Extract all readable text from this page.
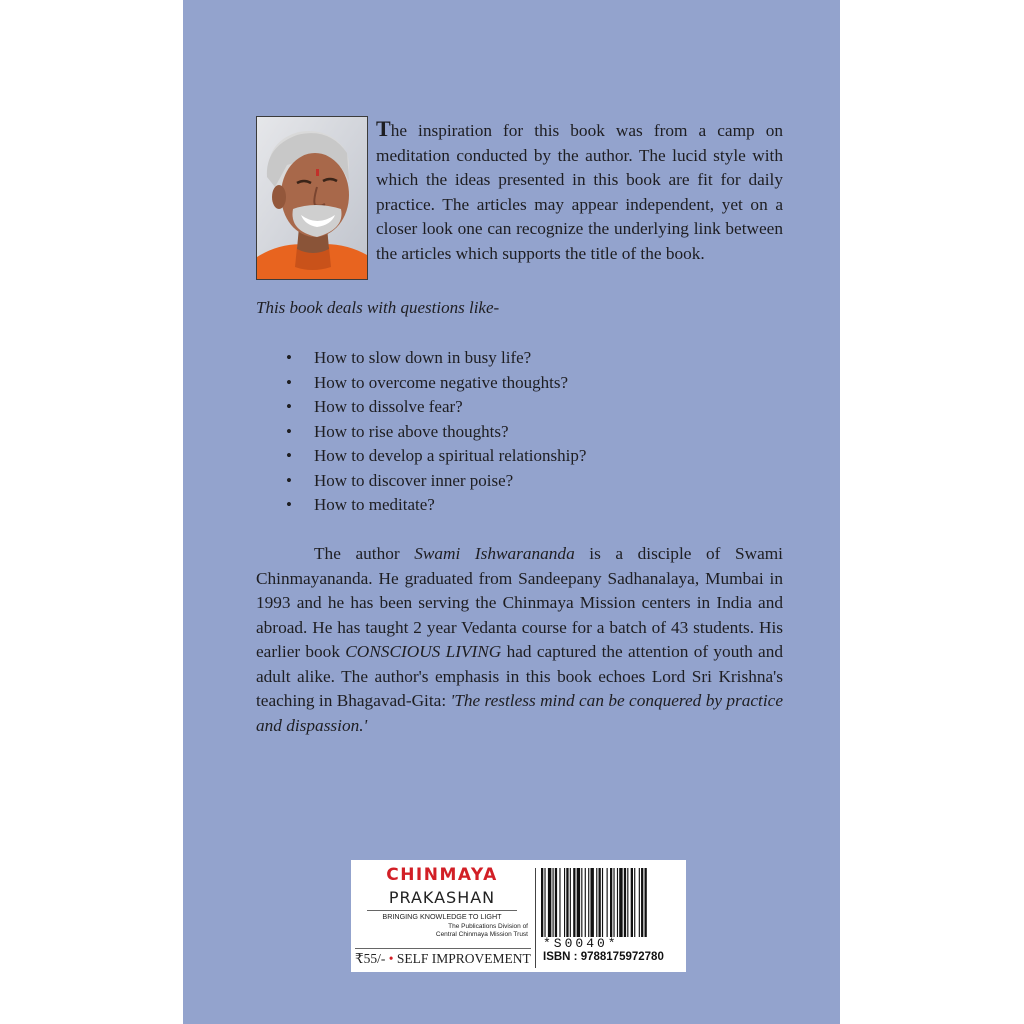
The inspiration for this book was from a camp on meditation conducted by the author. The lucid style with which the ideas presented in this book are fit for daily practice. The articles may appear independent, yet on a closer look one can recognize the underlying link between the articles which supports the title of the book.

This book deals with questions like-

• How to slow down in busy life?
• How to overcome negative thoughts?
• How to dissolve fear?
• How to rise above thoughts?
• How to develop a spiritual relationship?
• How to discover inner poise?
• How to meditate?

The author Swami Ishwarananda is a disciple of Swami Chinmayananda. He graduated from Sandeepany Sadhanalaya, Mumbai in 1993 and he has been serving the Chinmaya Mission centers in India and abroad. He has taught 2 year Vedanta course for a batch of 43 students. His earlier book CONSCIOUS LIVING had captured the attention of youth and adult alike. The author's emphasis in this book echoes Lord Sri Krishna's teaching in Bhagavad-Gita: 'The restless mind can be conquered by practice and dispassion.'

CHINMAYA
PRAKASHAN
BRINGING KNOWLEDGE TO LIGHT
The Publications Division of
Central Chinmaya Mission Trust
₹55/- • SELF IMPROVEMENT
*S0040*
ISBN : 9788175972780
